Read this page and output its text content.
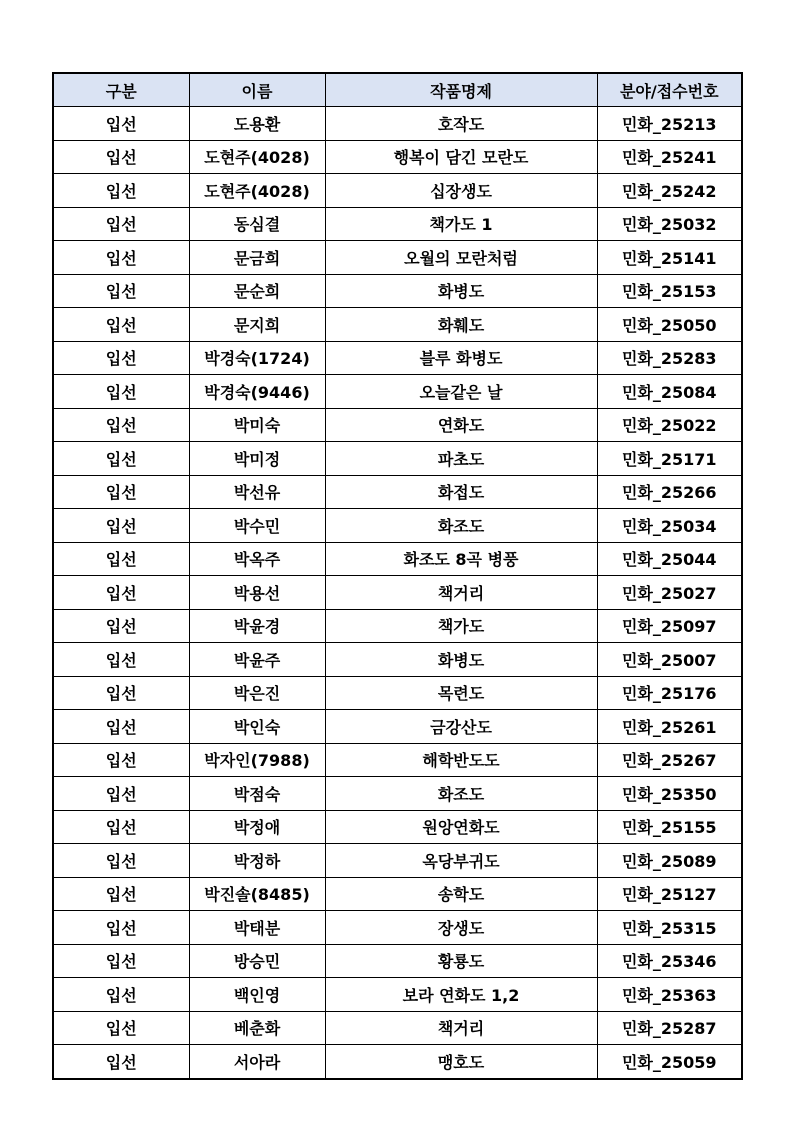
구분	이름	작품명제	분야/접수번호
입선	도용환	호작도	민화_25213
입선	도현주(4028)	행복이 담긴 모란도	민화_25241
입선	도현주(4028)	십장생도	민화_25242
입선	동심결	책가도 1	민화_25032
입선	문금희	오월의 모란처럼	민화_25141
입선	문순희	화병도	민화_25153
입선	문지희	화훼도	민화_25050
입선	박경숙(1724)	블루 화병도	민화_25283
입선	박경숙(9446)	오늘같은 날	민화_25084
입선	박미숙	연화도	민화_25022
입선	박미정	파초도	민화_25171
입선	박선유	화접도	민화_25266
입선	박수민	화조도	민화_25034
입선	박옥주	화조도 8곡 병풍	민화_25044
입선	박용선	책거리	민화_25027
입선	박윤경	책가도	민화_25097
입선	박윤주	화병도	민화_25007
입선	박은진	목련도	민화_25176
입선	박인숙	금강산도	민화_25261
입선	박자인(7988)	해학반도도	민화_25267
입선	박점숙	화조도	민화_25350
입선	박정애	원앙연화도	민화_25155
입선	박정하	옥당부귀도	민화_25089
입선	박진솔(8485)	송학도	민화_25127
입선	박태분	장생도	민화_25315
입선	방승민	황룡도	민화_25346
입선	백인영	보라 연화도 1,2	민화_25363
입선	베춘화	책거리	민화_25287
입선	서아라	맹호도	민화_25059
